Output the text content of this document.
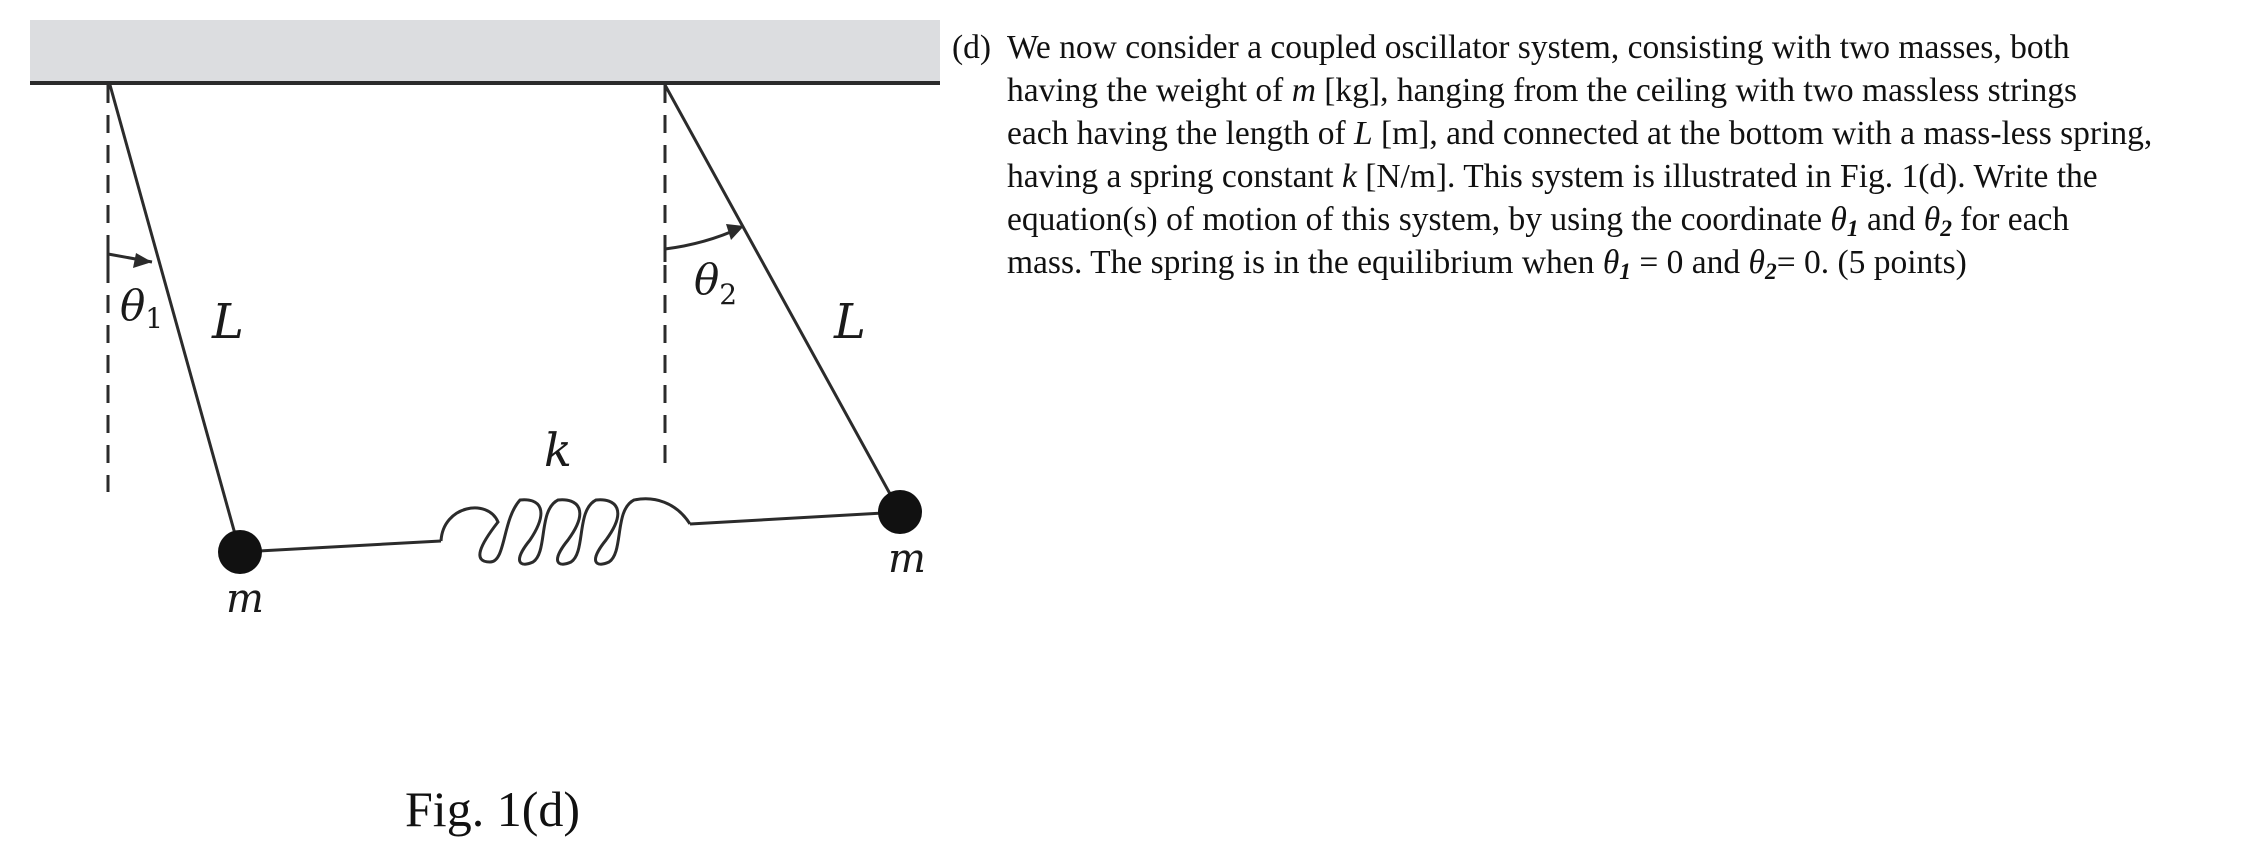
θ1
$\theta_2$
L	L
k
m
m
Fig. 1(d)
(d) We now consider a coupled oscillator system, consisting with two masses, both
having the weight of m [kg], hanging from the ceiling with two massless strings
each having the length of L [m], and connected at the bottom with a mass-less spring,
having a spring constant k [N/m]. This system is illustrated in Fig. 1(d). Write the
equation(s) of motion of this system, by using the coordinate $\theta_1$ and $\theta_2$ for each
mass. The spring is in the equilibrium when $\theta_1 = 0$ and $\theta_2= 0$. (5 points)
